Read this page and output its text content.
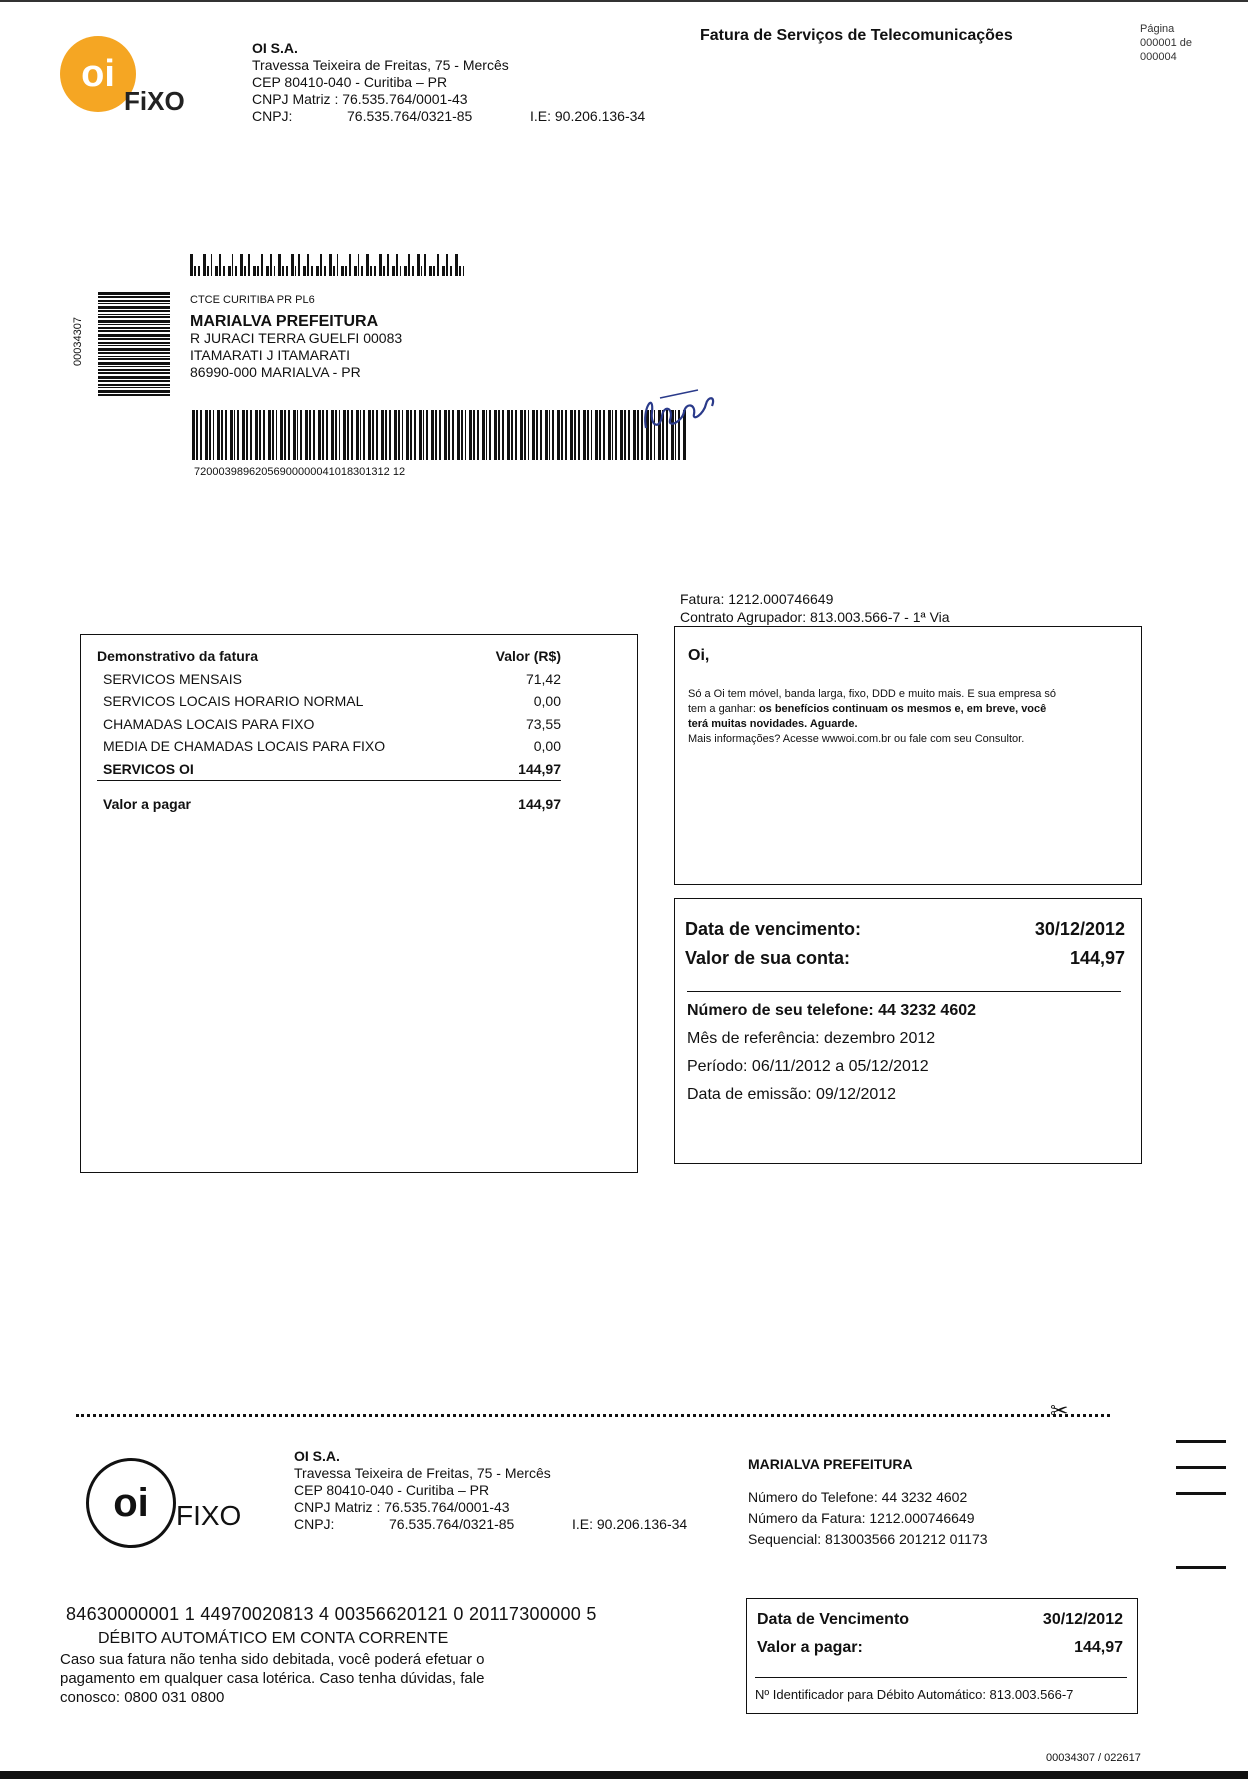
oi
FiXO
OI S.A.
Travessa Teixeira de Freitas, 75 - Mercês
CEP 80410-040 - Curitiba – PR
CNPJ Matriz : 76.535.764/0001-43
CNPJ:	76.535.764/0321-85	I.E: 90.206.136-34
Fatura de Serviços de Telecomunicações	Página
000001 de
000004
00034307
CTCE CURITIBA PR PL6
MARIALVA PREFEITURA
R JURACI TERRA GUELFI 00083
ITAMARATI J ITAMARATI
86990-000 MARIALVA - PR
72000398962056900000041018301312 12
Fatura: 1212.000746649
Contrato Agrupador: 813.003.566-7 - 1ª Via
Demonstrativo da fatura	Valor (R$)
SERVICOS MENSAIS	71,42
SERVICOS LOCAIS HORARIO NORMAL	0,00
CHAMADAS LOCAIS PARA FIXO	73,55
MEDIA DE CHAMADAS LOCAIS PARA FIXO	0,00
SERVICOS OI	144,97
Valor a pagar	144,97
Oi,
Só a Oi tem móvel, banda larga, fixo, DDD e muito mais. E sua empresa só
tem a ganhar: os benefícios continuam os mesmos e, em breve, você
terá muitas novidades. Aguarde.
Mais informações? Acesse wwwoi.com.br ou fale com seu Consultor.
Data de vencimento:	30/12/2012
Valor de sua conta:	144,97
Número de seu telefone: 44 3232 4602
Mês de referência: dezembro 2012
Período: 06/11/2012 a 05/12/2012
Data de emissão: 09/12/2012
✂
oi FIXO
OI S.A.
Travessa Teixeira de Freitas, 75 - Mercês
CEP 80410-040 - Curitiba – PR
CNPJ Matriz : 76.535.764/0001-43
CNPJ:	76.535.764/0321-85	I.E: 90.206.136-34
MARIALVA PREFEITURA
Número do Telefone: 44 3232 4602
Número da Fatura: 1212.000746649
Sequencial: 813003566 201212 01173
84630000001 1 44970020813 4 00356620121 0 20117300000 5
DÉBITO AUTOMÁTICO EM CONTA CORRENTE
Caso sua fatura não tenha sido debitada, você poderá efetuar o pagamento em qualquer casa lotérica. Caso tenha dúvidas, fale conosco: 0800 031 0800
Data de Vencimento	30/12/2012
Valor a pagar:	144,97
Nº Identificador para Débito Automático: 813.003.566-7
00034307 / 022617
